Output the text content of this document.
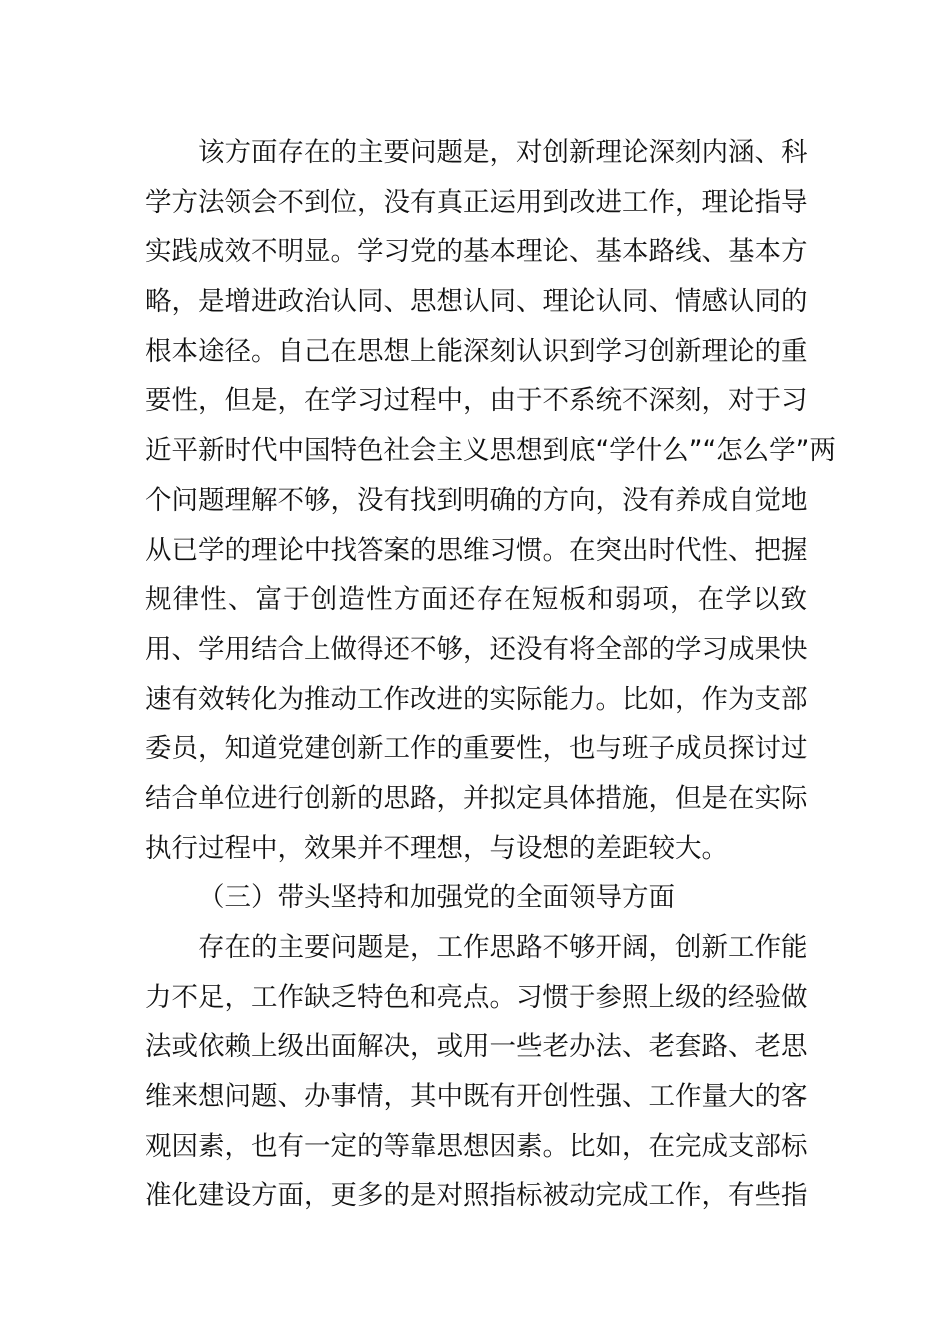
该方面存在的主要问题是，对创新理论深刻内涵、科
学方法领会不到位，没有真正运用到改进工作，理论指导
实践成效不明显。学习党的基本理论、基本路线、基本方
略，是增进政治认同、思想认同、理论认同、情感认同的
根本途径。自己在思想上能深刻认识到学习创新理论的重
要性，但是，在学习过程中，由于不系统不深刻，对于习
近平新时代中国特色社会主义思想到底“学什么”“怎么学”两
个问题理解不够，没有找到明确的方向，没有养成自觉地
从已学的理论中找答案的思维习惯。在突出时代性、把握
规律性、富于创造性方面还存在短板和弱项，在学以致
用、学用结合上做得还不够，还没有将全部的学习成果快
速有效转化为推动工作改进的实际能力。比如，作为支部
委员，知道党建创新工作的重要性，也与班子成员探讨过
结合单位进行创新的思路，并拟定具体措施，但是在实际
执行过程中，效果并不理想，与设想的差距较大。
（三）带头坚持和加强党的全面领导方面
存在的主要问题是，工作思路不够开阔，创新工作能
力不足，工作缺乏特色和亮点。习惯于参照上级的经验做
法或依赖上级出面解决，或用一些老办法、老套路、老思
维来想问题、办事情，其中既有开创性强、工作量大的客
观因素，也有一定的等靠思想因素。比如，在完成支部标
准化建设方面，更多的是对照指标被动完成工作，有些指
